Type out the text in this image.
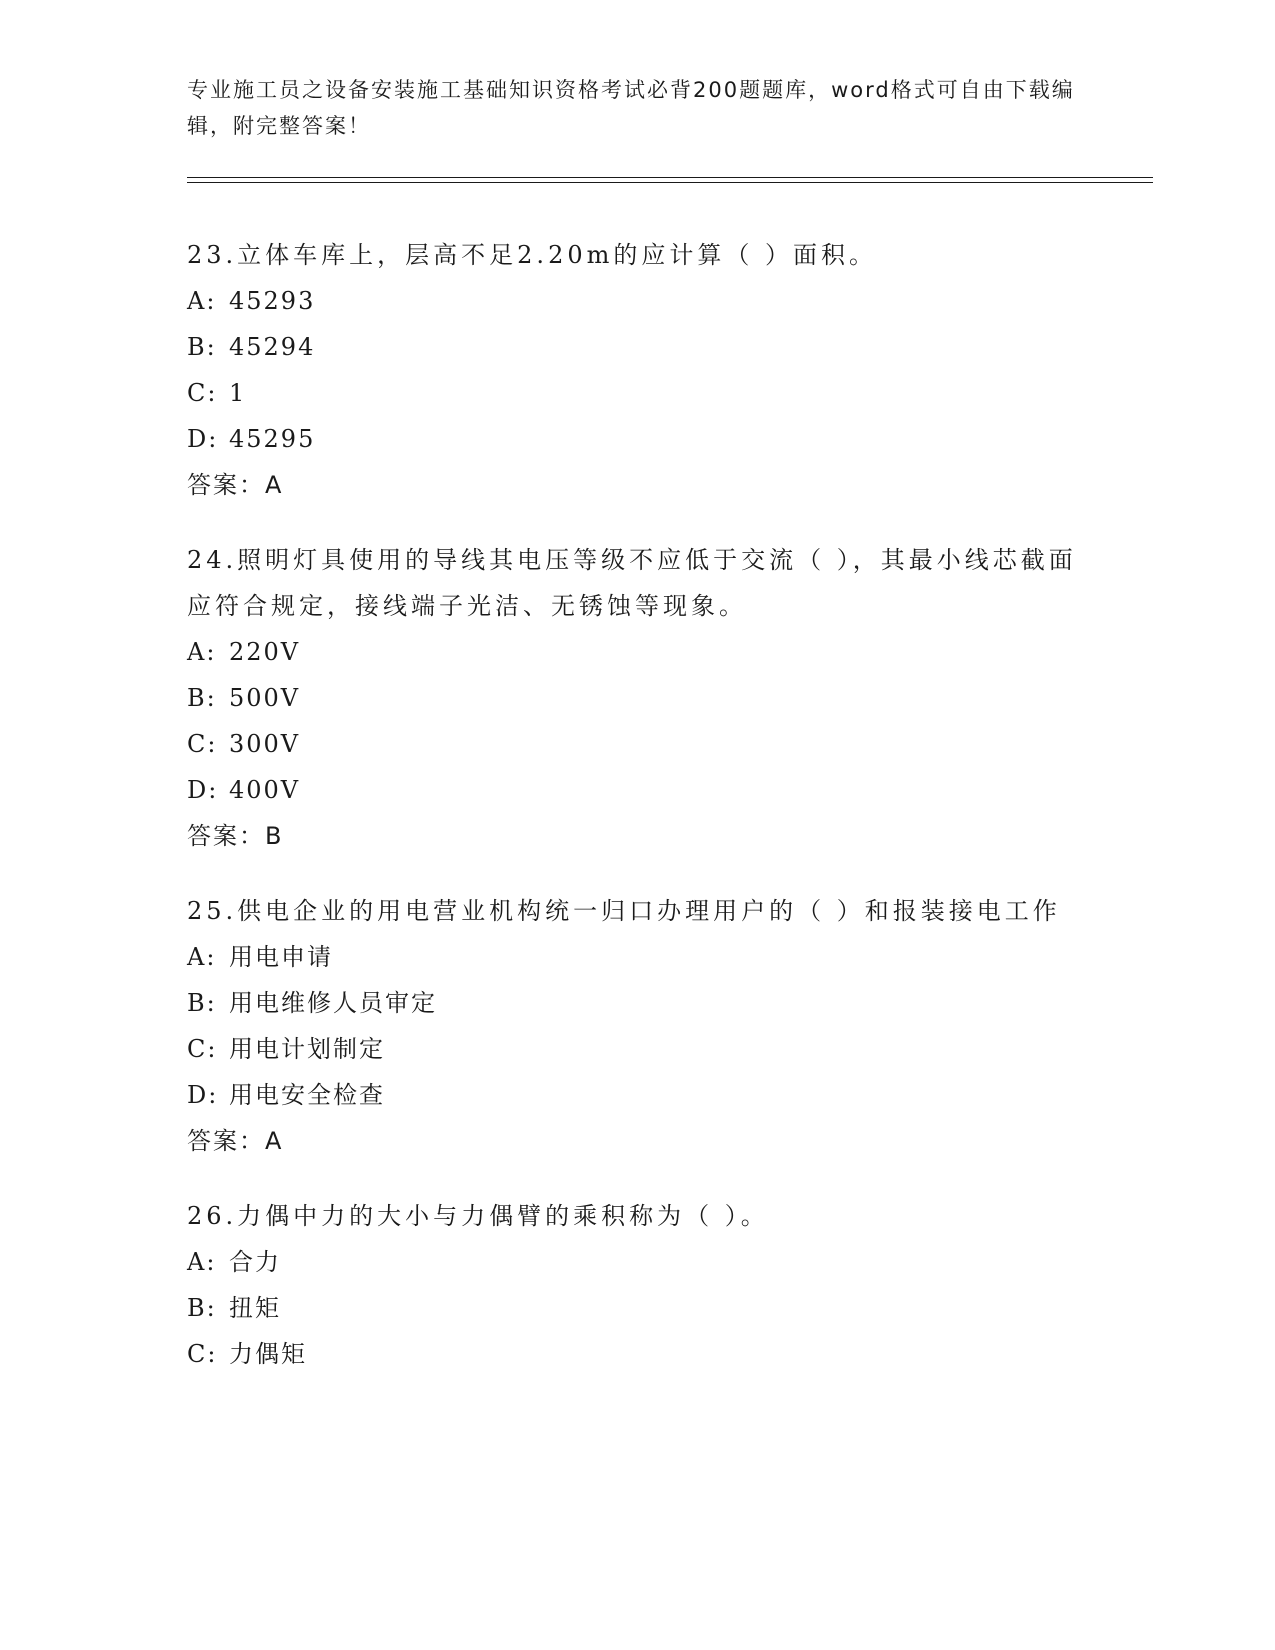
专业施工员之设备安装施工基础知识资格考试必背200题题库，word格式可自由下载编辑，附完整答案！
23.立体车库上，层高不足2.20m的应计算（ ）面积。
A: 45293
B: 45294
C: 1
D: 45295
答案：A
24.照明灯具使用的导线其电压等级不应低于交流（ ），其最小线芯截面应符合规定，接线端子光洁、无锈蚀等现象。
A: 220V
B: 500V
C: 300V
D: 400V
答案：B
25.供电企业的用电营业机构统一归口办理用户的（ ）和报装接电工作
A: 用电申请
B: 用电维修人员审定
C: 用电计划制定
D: 用电安全检查
答案：A
26.力偶中力的大小与力偶臂的乘积称为（ ）。
A: 合力
B: 扭矩
C: 力偶矩
